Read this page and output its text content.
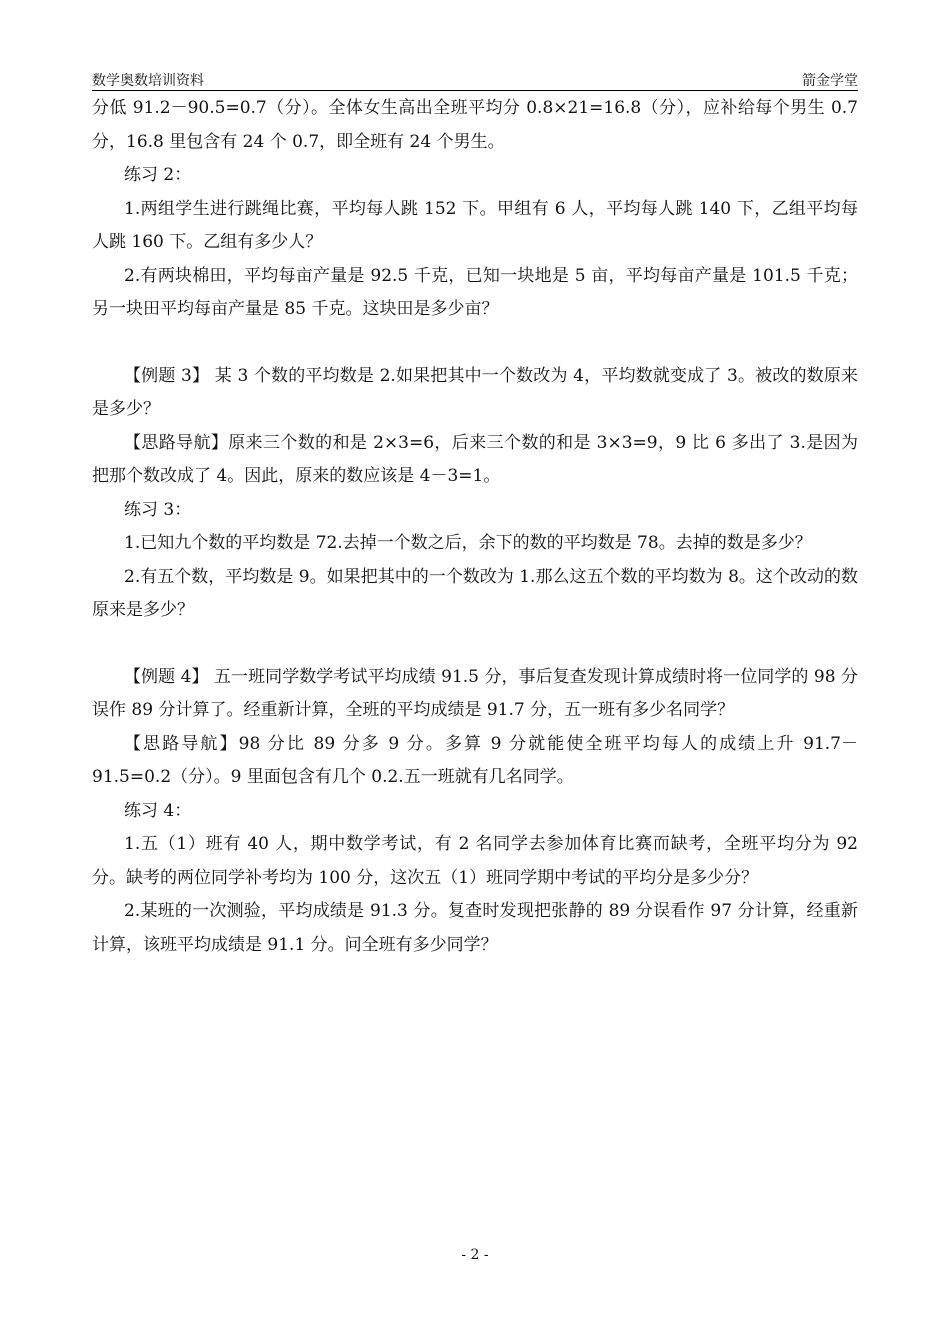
数学奥数培训资料	箭金学堂

分低 91.2－90.5=0.7（分）。全体女生高出全班平均分 0.8×21=16.8（分），应补给每个男生 0.7 分，16.8 里包含有 24 个 0.7，即全班有 24 个男生。

练习 2：

1.两组学生进行跳绳比赛，平均每人跳 152 下。甲组有 6 人，平均每人跳 140 下，乙组平均每人跳 160 下。乙组有多少人？

2.有两块棉田，平均每亩产量是 92.5 千克，已知一块地是 5 亩，平均每亩产量是 101.5 千克；另一块田平均每亩产量是 85 千克。这块田是多少亩？

【例题 3】 某 3 个数的平均数是 2.如果把其中一个数改为 4，平均数就变成了 3。被改的数原来是多少？

【思路导航】原来三个数的和是 2×3=6，后来三个数的和是 3×3=9，9 比 6 多出了 3.是因为把那个数改成了 4。因此，原来的数应该是 4－3=1。

练习 3：

1.已知九个数的平均数是 72.去掉一个数之后，余下的数的平均数是 78。去掉的数是多少？

2.有五个数，平均数是 9。如果把其中的一个数改为 1.那么这五个数的平均数为 8。这个改动的数原来是多少？

【例题 4】 五一班同学数学考试平均成绩 91.5 分，事后复查发现计算成绩时将一位同学的 98 分误作 89 分计算了。经重新计算，全班的平均成绩是 91.7 分，五一班有多少名同学？

【思路导航】98 分比 89 分多 9 分。多算 9 分就能使全班平均每人的成绩上升 91.7－91.5=0.2（分）。9 里面包含有几个 0.2.五一班就有几名同学。

练习 4：

1.五（1）班有 40 人，期中数学考试，有 2 名同学去参加体育比赛而缺考，全班平均分为 92 分。缺考的两位同学补考均为 100 分，这次五（1）班同学期中考试的平均分是多少分？

2.某班的一次测验，平均成绩是 91.3 分。复查时发现把张静的 89 分误看作 97 分计算，经重新计算，该班平均成绩是 91.1 分。问全班有多少同学？

- 2 -
